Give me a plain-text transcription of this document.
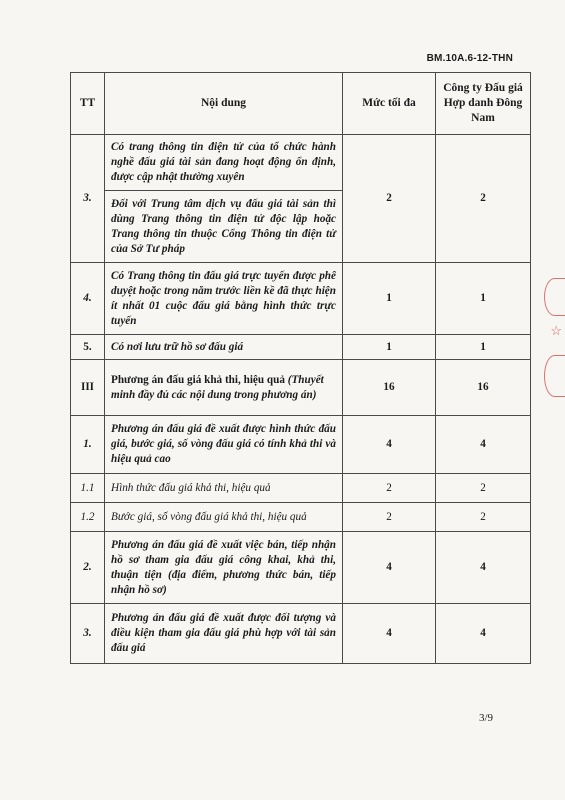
BM.10A.6-12-THN
TT	Nội dung	Mức tối đa	Công ty Đấu giá Hợp danh Đông Nam
3.	Có trang thông tin điện tử của tổ chức hành nghề đấu giá tài sản đang hoạt động ổn định, được cập nhật thường xuyên	2	2

	Đối với Trung tâm dịch vụ đấu giá tài sản thì dùng Trang thông tin điện tử độc lập hoặc Trang thông tin thuộc Cổng Thông tin điện tử của Sở Tư pháp		

4.	Có Trang thông tin đấu giá trực tuyến được phê duyệt hoặc trong năm trước liền kề đã thực hiện ít nhất 01 cuộc đấu giá bằng hình thức trực tuyến	1	1
5.	Có nơi lưu trữ hồ sơ đấu giá	1	1
III	Phương án đấu giá khả thi, hiệu quả (Thuyết minh đầy đủ các nội dung trong phương án)	16	16
1.	Phương án đấu giá đề xuất được hình thức đấu giá, bước giá, số vòng đấu giá có tính khả thi và hiệu quả cao	4	4
1.1	Hình thức đấu giá khả thi, hiệu quả	2	2
1.2	Bước giá, số vòng đấu giá khả thi, hiệu quả	2	2
2.	Phương án đấu giá đề xuất việc bán, tiếp nhận hồ sơ tham gia đấu giá công khai, khả thi, thuận tiện (địa điểm, phương thức bán, tiếp nhận hồ sơ)	4	4
3.	Phương án đấu giá đề xuất được đối tượng và điều kiện tham gia đấu giá phù hợp với tài sản đấu giá	4	4
3/9
☆
